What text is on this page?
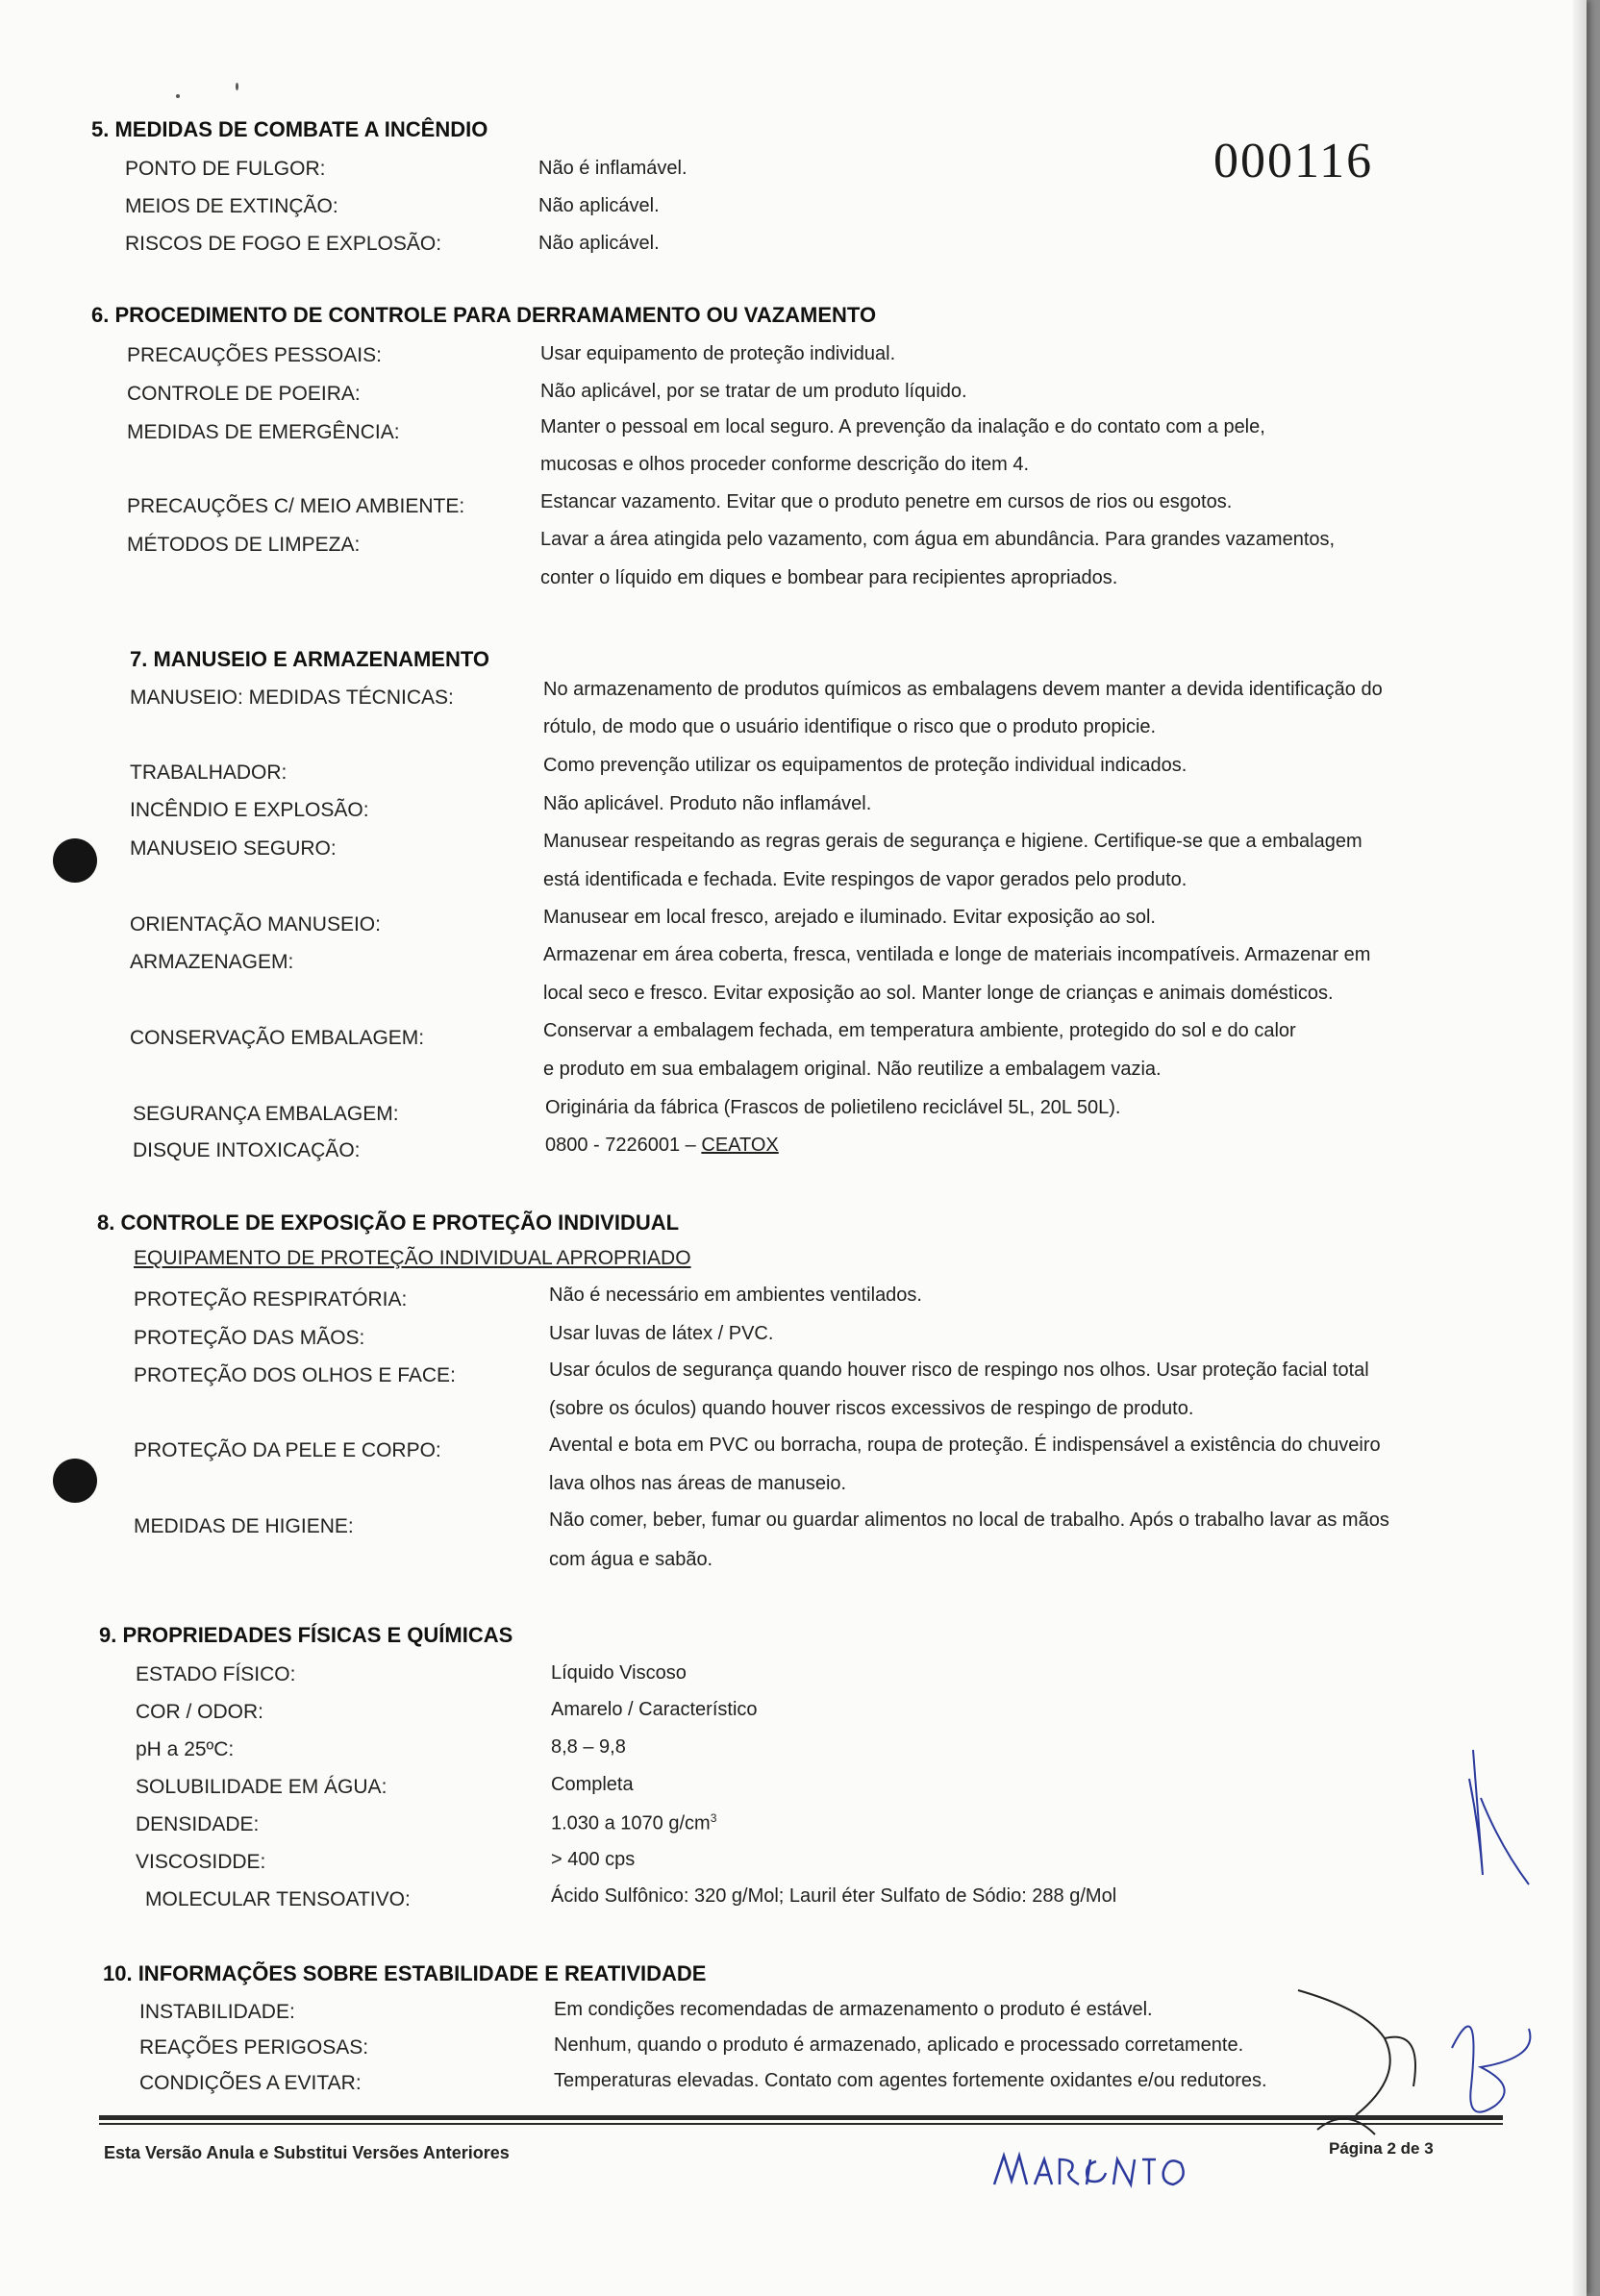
000116
5. MEDIDAS DE COMBATE A INCÊNDIO
PONTO DE FULGOR:	Não é inflamável.
MEIOS DE EXTINÇÃO:	Não aplicável.
RISCOS DE FOGO E EXPLOSÃO:	Não aplicável.
6. PROCEDIMENTO DE CONTROLE PARA DERRAMAMENTO OU VAZAMENTO
PRECAUÇÕES PESSOAIS:	Usar equipamento de proteção individual.
CONTROLE DE POEIRA:	Não aplicável, por se tratar de um produto líquido.
MEDIDAS DE EMERGÊNCIA:	Manter o pessoal em local seguro. A prevenção da inalação e do contato com a pele,
mucosas e olhos proceder conforme descrição do item 4.
PRECAUÇÕES C/ MEIO AMBIENTE:	Estancar vazamento. Evitar que o produto penetre em cursos de rios ou esgotos.
MÉTODOS DE LIMPEZA:	Lavar a área atingida pelo vazamento, com água em abundância. Para grandes vazamentos,
conter o líquido em diques e bombear para recipientes apropriados.
7. MANUSEIO E ARMAZENAMENTO
MANUSEIO: MEDIDAS TÉCNICAS:	No armazenamento de produtos químicos as embalagens devem manter a devida identificação do
rótulo, de modo que o usuário identifique o risco que o produto propicie.
TRABALHADOR:	Como prevenção utilizar os equipamentos de proteção individual indicados.
INCÊNDIO E EXPLOSÃO:	Não aplicável. Produto não inflamável.
MANUSEIO SEGURO:	Manusear respeitando as regras gerais de segurança e higiene. Certifique-se que a embalagem
está identificada e fechada. Evite respingos de vapor gerados pelo produto.
ORIENTAÇÃO MANUSEIO:	Manusear em local fresco, arejado e iluminado. Evitar exposição ao sol.
ARMAZENAGEM:	Armazenar em área coberta, fresca, ventilada e longe de materiais incompatíveis. Armazenar em
local seco e fresco. Evitar exposição ao sol. Manter longe de crianças e animais domésticos.
CONSERVAÇÃO EMBALAGEM:	Conservar a embalagem fechada, em temperatura ambiente, protegido do sol e do calor
e produto em sua embalagem original. Não reutilize a embalagem vazia.
SEGURANÇA EMBALAGEM:	Originária da fábrica (Frascos de polietileno reciclável 5L, 20L 50L).
DISQUE INTOXICAÇÃO:	0800 - 7226001 – CEATOX
8. CONTROLE DE EXPOSIÇÃO E PROTEÇÃO INDIVIDUAL
EQUIPAMENTO DE PROTEÇÃO INDIVIDUAL APROPRIADO
PROTEÇÃO RESPIRATÓRIA:	Não é necessário em ambientes ventilados.
PROTEÇÃO DAS MÃOS:	Usar luvas de látex / PVC.
PROTEÇÃO DOS OLHOS E FACE:	Usar óculos de segurança quando houver risco de respingo nos olhos. Usar proteção facial total
(sobre os óculos) quando houver riscos excessivos de respingo de produto.
PROTEÇÃO DA PELE E CORPO:	Avental e bota em PVC ou borracha, roupa de proteção. É indispensável a existência do chuveiro
lava olhos nas áreas de manuseio.
MEDIDAS DE HIGIENE:	Não comer, beber, fumar ou guardar alimentos no local de trabalho. Após o trabalho lavar as mãos
com água e sabão.
9. PROPRIEDADES FÍSICAS E QUÍMICAS
ESTADO FÍSICO:	Líquido Viscoso
COR / ODOR:	Amarelo / Característico
pH a 25ºC:	8,8 – 9,8
SOLUBILIDADE EM ÁGUA:	Completa
DENSIDADE:	1.030 a 1070 $g/cm^3$
VISCOSIDDE:	> 400 cps
MOLECULAR TENSOATIVO:	Ácido Sulfônico: 320 g/Mol; Lauril éter Sulfato de Sódio: 288 g/Mol
10. INFORMAÇÕES SOBRE ESTABILIDADE E REATIVIDADE
INSTABILIDADE:	Em condições recomendadas de armazenamento o produto é estável.
REAÇÕES PERIGOSAS:	Nenhum, quando o produto é armazenado, aplicado e processado corretamente.
CONDIÇÕES A EVITAR:	Temperaturas elevadas. Contato com agentes fortemente oxidantes e/ou redutores.
Esta Versão Anula e Substitui Versões Anteriores	Página 2 de 3
